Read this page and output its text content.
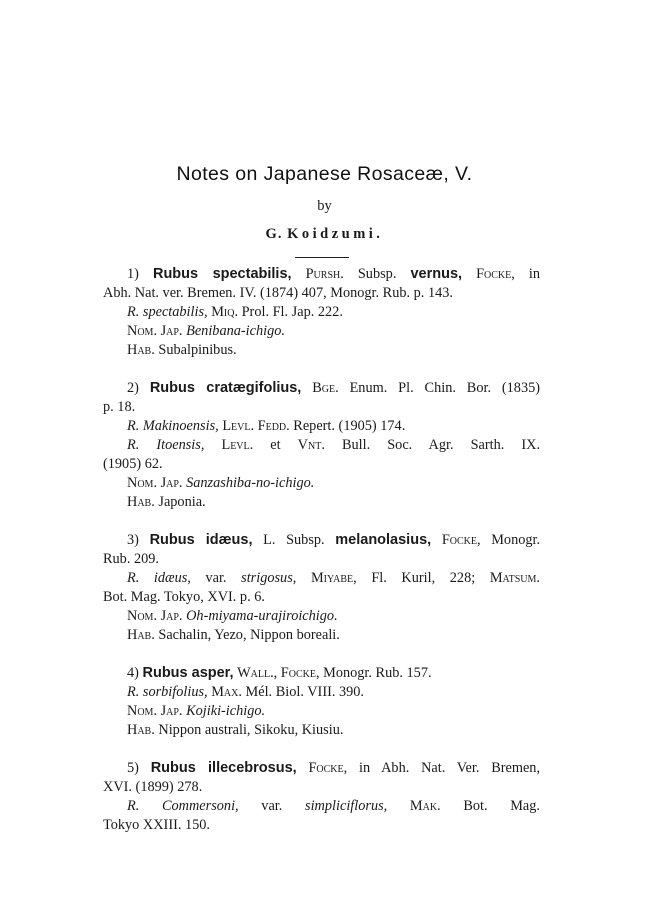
Notes on Japanese Rosaceæ, V.
by
G. Koidzumi.

1) Rubus spectabilis, Pursh. Subsp. vernus, Focke, in

Abh. Nat. ver. Bremen. IV. (1874) 407, Monogr. Rub. p. 143.

R. spectabilis, Miq. Prol. Fl. Jap. 222.

Nom. Jap. Benibana-ichigo.

Hab. Subalpinibus.

2) Rubus cratægifolius, Bge. Enum. Pl. Chin. Bor. (1835)

p. 18.

R. Makinoensis, Levl. Fedd. Repert. (1905) 174.

R. Itoensis, Levl. et Vnt. Bull. Soc. Agr. Sarth. IX.

(1905) 62.

Nom. Jap. Sanzashiba-no-ichigo.

Hab. Japonia.

3) Rubus idæus, L. Subsp. melanolasius, Focke, Monogr.

Rub. 209.

R. idæus, var. strigosus, Miyabe, Fl. Kuril, 228; Matsum.

Bot. Mag. Tokyo, XVI. p. 6.

Nom. Jap. Oh-miyama-urajiroichigo.

Hab. Sachalin, Yezo, Nippon boreali.

4) Rubus asper, Wall., Focke, Monogr. Rub. 157.

R. sorbifolius, Max. Mél. Biol. VIII. 390.

Nom. Jap. Kojiki-ichigo.

Hab. Nippon australi, Sikoku, Kiusiu.

5) Rubus illecebrosus, Focke, in Abh. Nat. Ver. Bremen,

XVI. (1899) 278.

R. Commersoni, var. simpliciflorus, Mak. Bot. Mag.

Tokyo XXIII. 150.
